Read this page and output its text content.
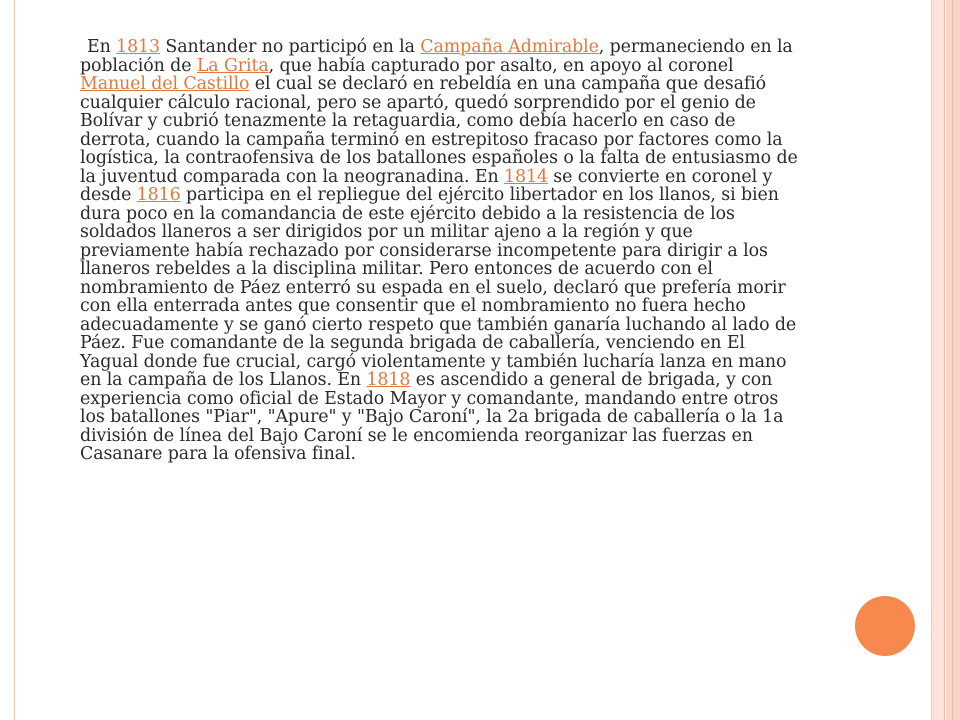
En 1813 Santander no participó en la Campaña Admirable, permaneciendo en la población de La Grita, que había capturado por asalto, en apoyo al coronel Manuel del Castillo el cual se declaró en rebeldía en una campaña que desafió cualquier cálculo racional, pero se apartó, quedó sorprendido por el genio de Bolívar y cubrió tenazmente la retaguardia, como debía hacerlo en caso de derrota, cuando la campaña terminó en estrepitoso fracaso por factores como la logística, la contraofensiva de los batallones españoles o la falta de entusiasmo de la juventud comparada con la neogranadina. En 1814 se convierte en coronel y desde 1816 participa en el repliegue del ejército libertador en los llanos, si bien dura poco en la comandancia de este ejército debido a la resistencia de los soldados llaneros a ser dirigidos por un militar ajeno a la región y que previamente había rechazado por considerarse incompetente para dirigir a los llaneros rebeldes a la disciplina militar. Pero entonces de acuerdo con el nombramiento de Páez enterró su espada en el suelo, declaró que prefería morir con ella enterrada antes que consentir que el nombramiento no fuera hecho adecuadamente y se ganó cierto respeto que también ganaría luchando al lado de Páez. Fue comandante de la segunda brigada de caballería, venciendo en El Yagual donde fue crucial, cargó violentamente y también lucharía lanza en mano en la campaña de los Llanos. En 1818 es ascendido a general de brigada, y con experiencia como oficial de Estado Mayor y comandante, mandando entre otros los batallones "Piar", "Apure" y "Bajo Caroní", la 2a brigada de caballería o la 1a división de línea del Bajo Caroní se le encomienda reorganizar las fuerzas en Casanare para la ofensiva final.
